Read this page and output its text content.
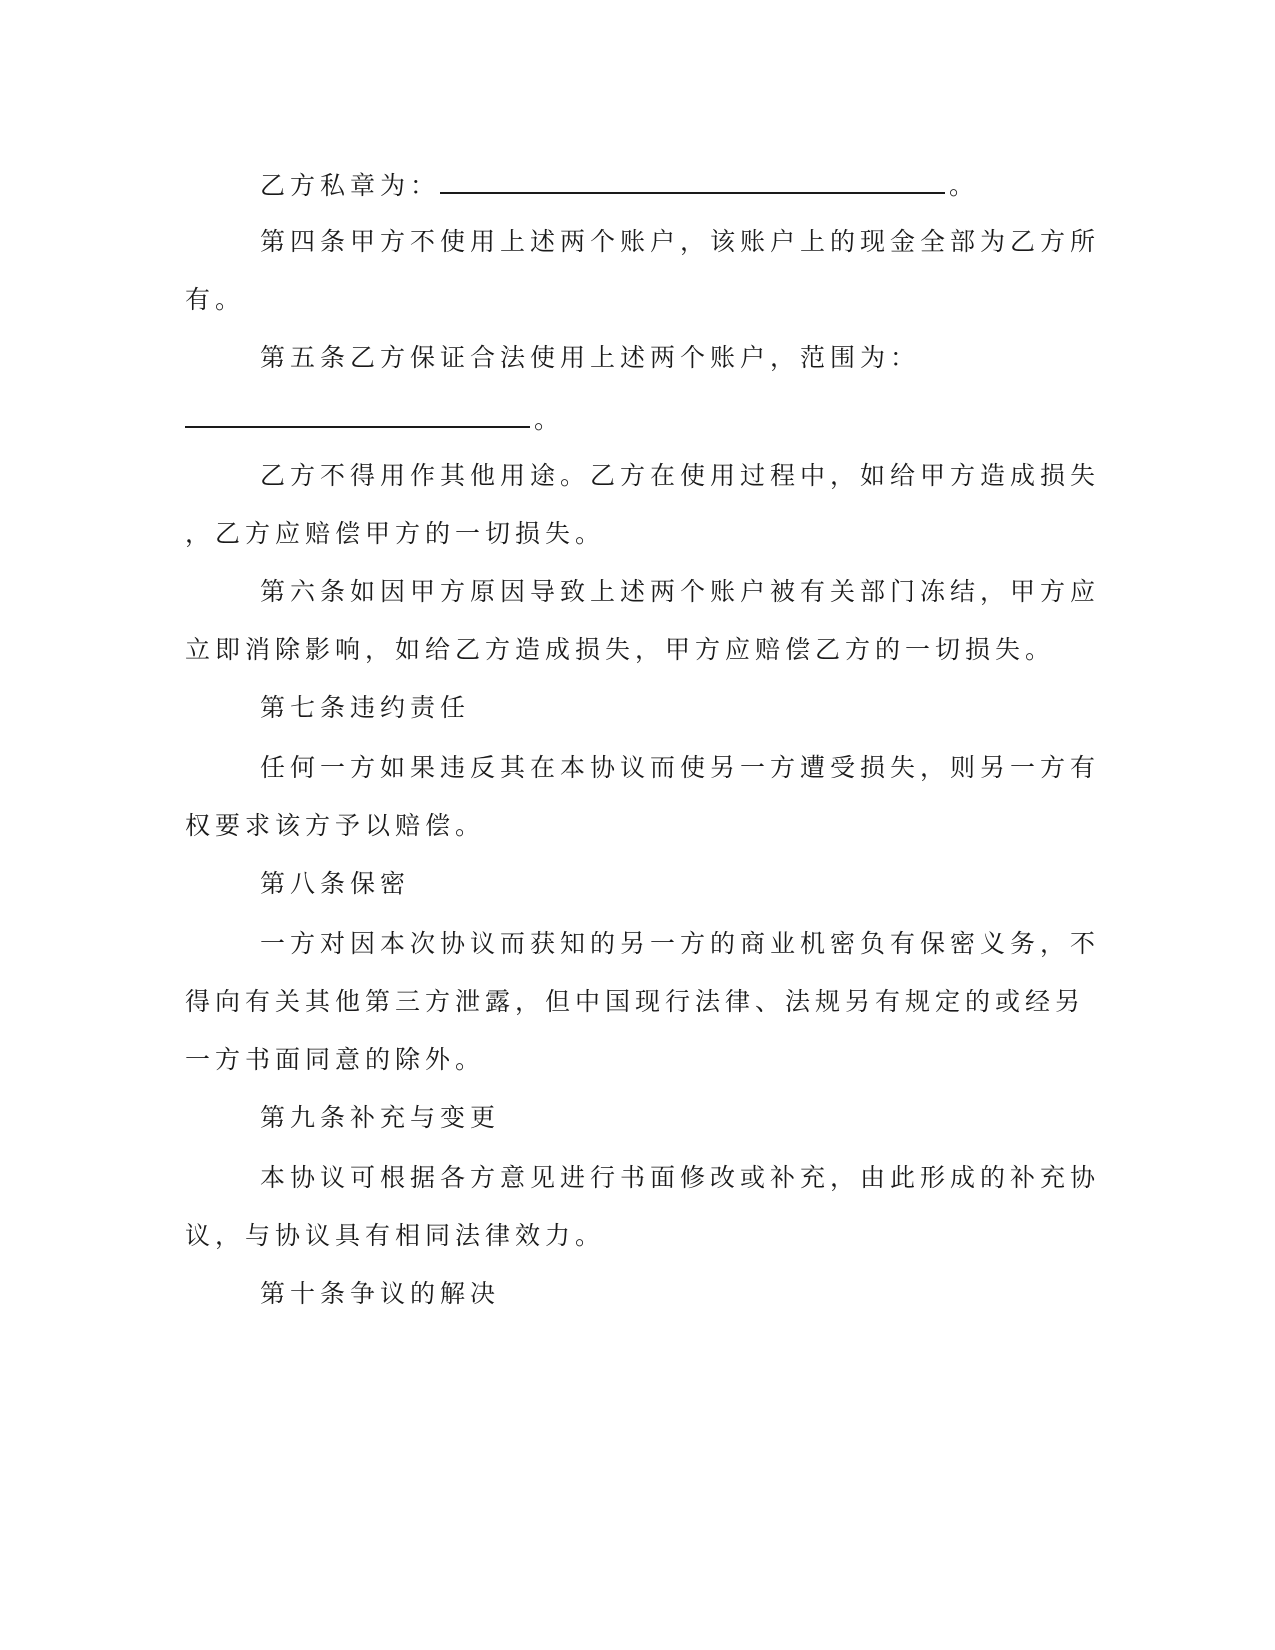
乙方私章为：	。
第四条甲方不使用上述两个账户，该账户上的现金全部为乙方所
有。
第五条乙方保证合法使用上述两个账户，范围为：
。
乙方不得用作其他用途。乙方在使用过程中，如给甲方造成损失
，乙方应赔偿甲方的一切损失。
第六条如因甲方原因导致上述两个账户被有关部门冻结，甲方应
立即消除影响，如给乙方造成损失，甲方应赔偿乙方的一切损失。
第七条违约责任
任何一方如果违反其在本协议而使另一方遭受损失，则另一方有
权要求该方予以赔偿。
第八条保密
一方对因本次协议而获知的另一方的商业机密负有保密义务，不
得向有关其他第三方泄露，但中国现行法律、法规另有规定的或经另
一方书面同意的除外。
第九条补充与变更
本协议可根据各方意见进行书面修改或补充，由此形成的补充协
议，与协议具有相同法律效力。
第十条争议的解决
